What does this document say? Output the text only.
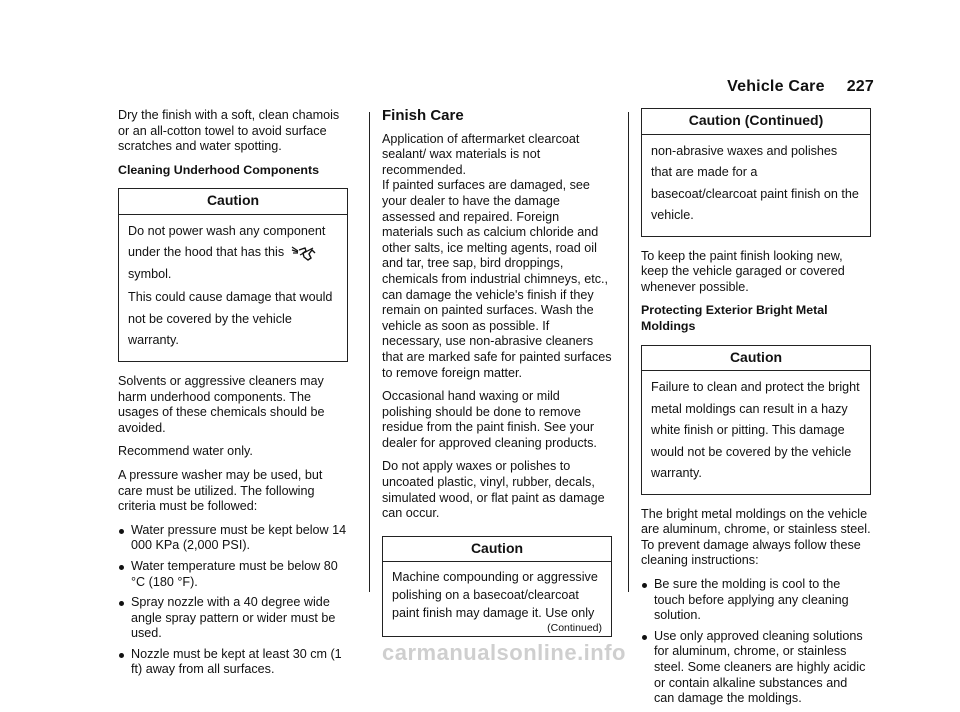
Vehicle Care 227

Dry the finish with a soft, clean chamois or an all-cotton towel to avoid surface scratches and water spotting.

Cleaning Underhood Components

Caution

Do not power wash any component under the hood that has this
symbol.

This could cause damage that would not be covered by the vehicle warranty.

Solvents or aggressive cleaners may harm underhood components. The usages of these chemicals should be avoided.

Recommend water only.

A pressure washer may be used, but care must be utilized. The following criteria must be followed:

Water pressure must be kept below 14 000 KPa (2,000 PSI).
Water temperature must be below 80 °C (180 °F).
Spray nozzle with a 40 degree wide angle spray pattern or wider must be used.
Nozzle must be kept at least 30 cm (1 ft) away from all surfaces.

Finish Care

Application of aftermarket clearcoat sealant/ wax materials is not recommended.

If painted surfaces are damaged, see your dealer to have the damage assessed and repaired. Foreign materials such as calcium chloride and other salts, ice melting agents, road oil and tar, tree sap, bird droppings, chemicals from industrial chimneys, etc., can damage the vehicle's finish if they remain on painted surfaces. Wash the vehicle as soon as possible. If necessary, use non-abrasive cleaners that are marked safe for painted surfaces to remove foreign matter.

Occasional hand waxing or mild polishing should be done to remove residue from the paint finish. See your dealer for approved cleaning products.

Do not apply waxes or polishes to uncoated plastic, vinyl, rubber, decals, simulated wood, or flat paint as damage can occur.

Caution

Machine compounding or aggressive polishing on a basecoat/clearcoat paint finish may damage it. Use only

(Continued)
Caution (Continued)

non-abrasive waxes and polishes that are made for a basecoat/clearcoat paint finish on the vehicle.

To keep the paint finish looking new, keep the vehicle garaged or covered whenever possible.

Protecting Exterior Bright Metal Moldings

Caution

Failure to clean and protect the bright metal moldings can result in a hazy white finish or pitting. This damage would not be covered by the vehicle warranty.

The bright metal moldings on the vehicle are aluminum, chrome, or stainless steel. To prevent damage always follow these cleaning instructions:

Be sure the molding is cool to the touch before applying any cleaning solution.
Use only approved cleaning solutions for aluminum, chrome, or stainless steel. Some cleaners are highly acidic or contain alkaline substances and can damage the moldings.
carmanualsonline.info
